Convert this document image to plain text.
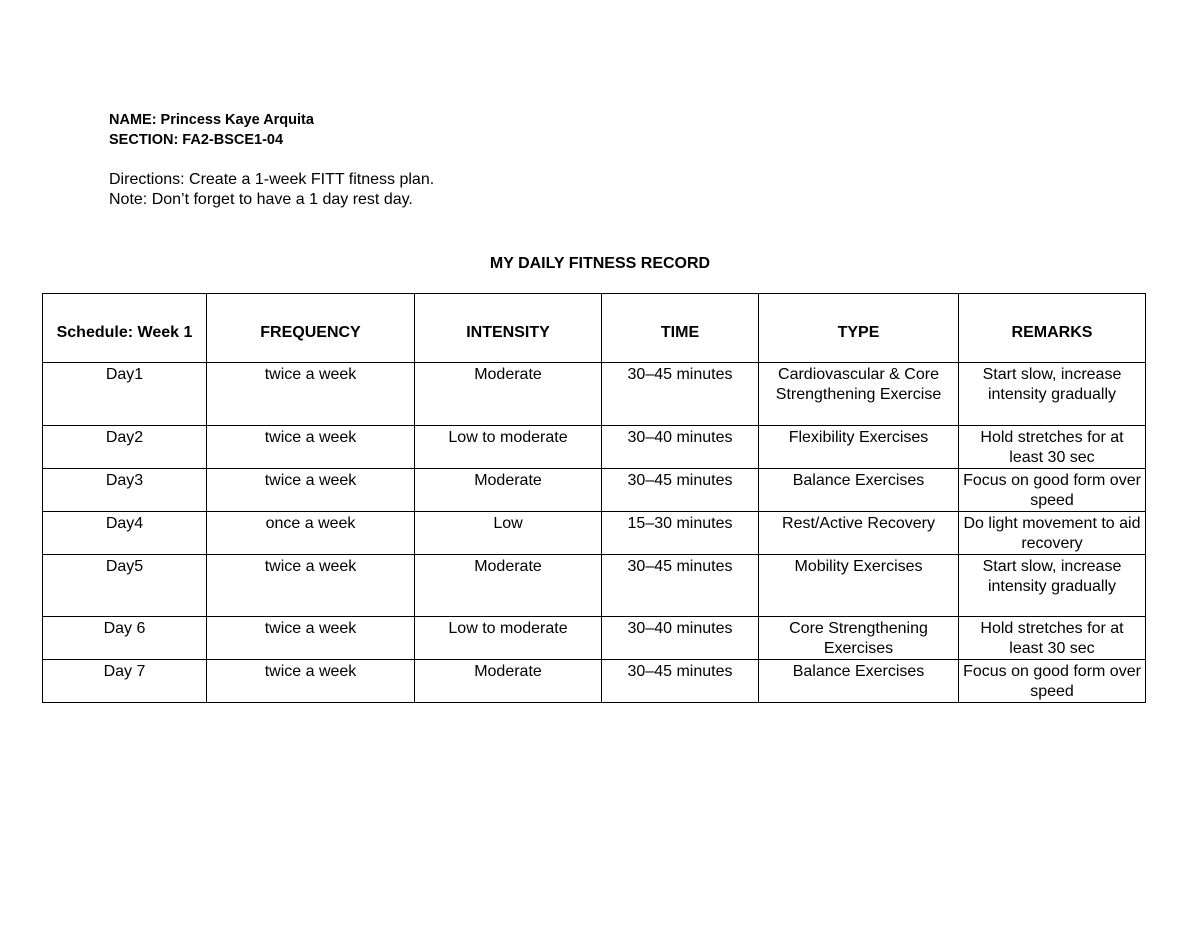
NAME: Princess Kaye Arquita
SECTION: FA2-BSCE1-04
Directions: Create a 1-week FITT fitness plan.
Note: Don’t forget to have a 1 day rest day.
MY DAILY FITNESS RECORD
Schedule: Week 1	FREQUENCY	INTENSITY	TIME	TYPE	REMARKS
Day1	twice a week	Moderate	30–45 minutes	Cardiovascular & Core Strengthening Exercise	Start slow, increase intensity gradually
Day2	twice a week	Low to moderate	30–40 minutes	Flexibility Exercises	Hold stretches for at least 30 sec
Day3	twice a week	Moderate	30–45 minutes	Balance Exercises	Focus on good form over speed
Day4	once a week	Low	15–30 minutes	Rest/Active Recovery	Do light movement to aid recovery
Day5	twice a week	Moderate	30–45 minutes	Mobility Exercises	Start slow, increase intensity gradually
Day 6	twice a week	Low to moderate	30–40 minutes	Core Strengthening Exercises	Hold stretches for at least 30 sec
Day 7	twice a week	Moderate	30–45 minutes	Balance Exercises	Focus on good form over speed
